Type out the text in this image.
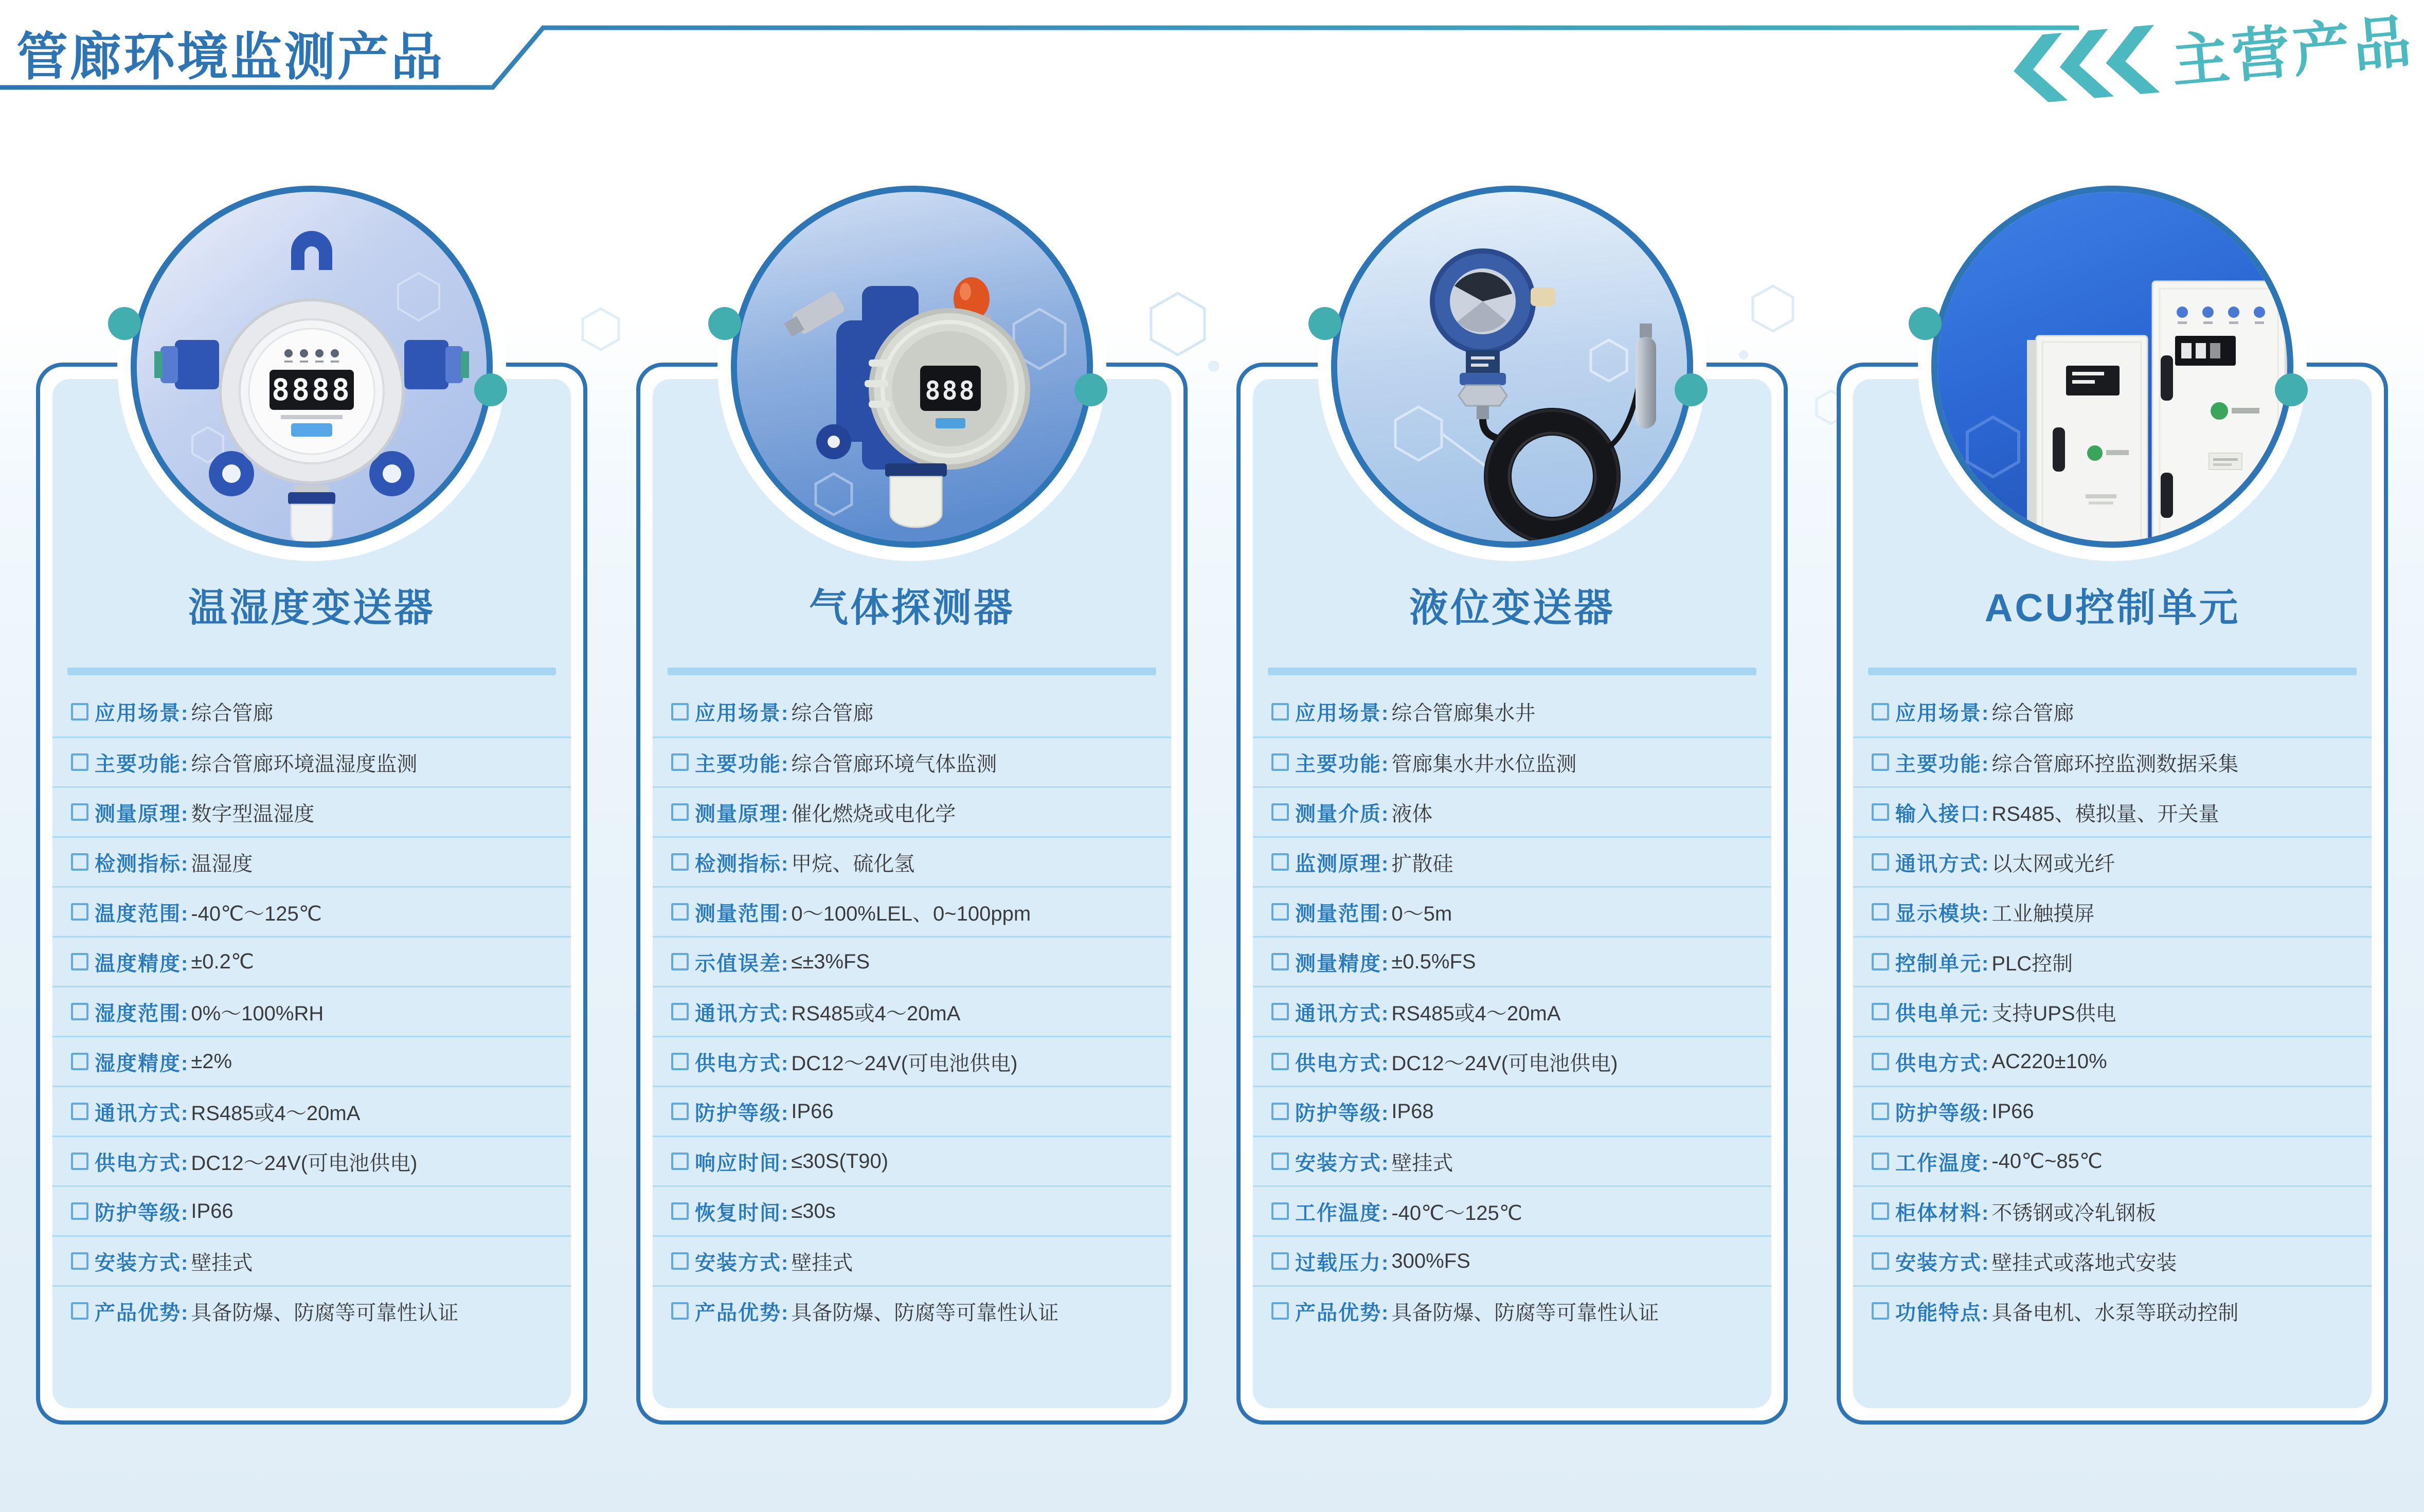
管廊环境监测产品	主营产品
8888
温湿度变送器
应用场景: 综合管廊
主要功能: 综合管廊环境温湿度监测
测量原理: 数字型温湿度
检测指标: 温湿度
温度范围: -40℃～125℃
温度精度: ±0.2℃
湿度范围: 0%～100%RH
湿度精度: ±2%
通讯方式: RS485或4～20mA
供电方式: DC12～24V(可电池供电)
防护等级: IP66
安装方式: 壁挂式
产品优势: 具备防爆、防腐等可靠性认证
888
气体探测器
应用场景: 综合管廊
主要功能: 综合管廊环境气体监测
测量原理: 催化燃烧或电化学
检测指标: 甲烷、硫化氢
测量范围: 0～100%LEL、0~100ppm
示值误差: ≤±3%FS
通讯方式: RS485或4～20mA
供电方式: DC12～24V(可电池供电)
防护等级: IP66
响应时间: ≤30S(T90)
恢复时间: ≤30s
安装方式: 壁挂式
产品优势: 具备防爆、防腐等可靠性认证
液位变送器
应用场景: 综合管廊集水井
主要功能: 管廊集水井水位监测
测量介质: 液体
监测原理: 扩散硅
测量范围: 0～5m
测量精度: ±0.5%FS
通讯方式: RS485或4～20mA
供电方式: DC12～24V(可电池供电)
防护等级: IP68
安装方式: 壁挂式
工作温度: -40℃～125℃
过载压力: 300%FS
产品优势: 具备防爆、防腐等可靠性认证
ACU控制单元
应用场景: 综合管廊
主要功能: 综合管廊环控监测数据采集
输入接口: RS485、模拟量、开关量
通讯方式: 以太网或光纤
显示模块: 工业触摸屏
控制单元: PLC控制
供电单元: 支持UPS供电
供电方式: AC220±10%
防护等级: IP66
工作温度: -40℃~85℃
柜体材料: 不锈钢或冷轧钢板
安装方式: 壁挂式或落地式安装
功能特点: 具备电机、水泵等联动控制
